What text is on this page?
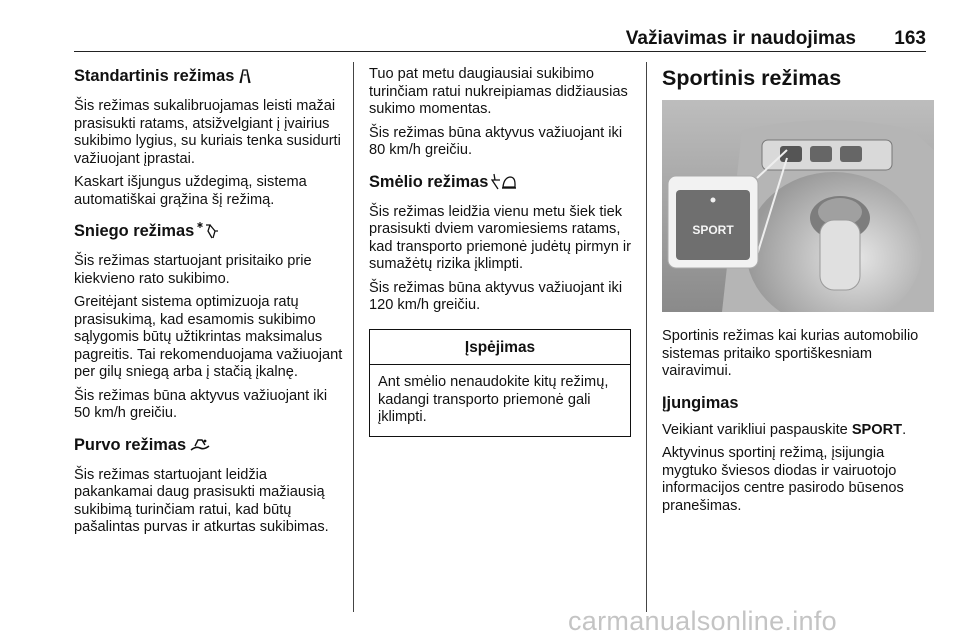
Važiavimas ir naudojimas 163
Standartinis režimas

Šis režimas sukalibruojamas leisti mažai prasisukti ratams, atsižvelgiant į įvairius sukibimo lygius, su kuriais tenka susidurti važiuojant įprastai.

Kaskart išjungus uždegimą, sistema automatiškai grąžina šį režimą.

Sniego režimas

Šis režimas startuojant prisitaiko prie kiekvieno rato sukibimo.

Greitėjant sistema optimizuoja ratų prasisukimą, kad esamomis sukibimo sąlygomis būtų užtikrintas maksimalus pagreitis. Tai rekomenduojama važiuojant per gilų sniegą arba į stačią įkalnę.

Šis režimas būna aktyvus važiuojant iki 50 km/h greičiu.

Purvo režimas

Šis režimas startuojant leidžia pakankamai daug prasisukti mažiausią sukibimą turinčiam ratui, kad būtų pašalintas purvas ir atkurtas sukibimas.

Tuo pat metu daugiausiai sukibimo turinčiam ratui nukreipiamas didžiausias sukimo momentas.

Šis režimas būna aktyvus važiuojant iki 80 km/h greičiu.

Smėlio režimas

Šis režimas leidžia vienu metu šiek tiek prasisukti dviem varomiesiems ratams, kad transporto priemonė judėtų pirmyn ir sumažėtų rizika įklimpti.

Šis režimas būna aktyvus važiuojant iki 120 km/h greičiu.

Įspėjimas
Ant smėlio nenaudokite kitų režimų, kadangi transporto priemonė gali įklimpti.
Sportinis režimas
SPORT

Sportinis režimas kai kurias automobilio sistemas pritaiko sportiškesniam vairavimui.

Įjungimas

Veikiant varikliui paspauskite SPORT.

Aktyvinus sportinį režimą, įsijungia mygtuko šviesos diodas ir vairuotojo informacijos centre pasirodo būsenos pranešimas.

carmanualsonline.info
